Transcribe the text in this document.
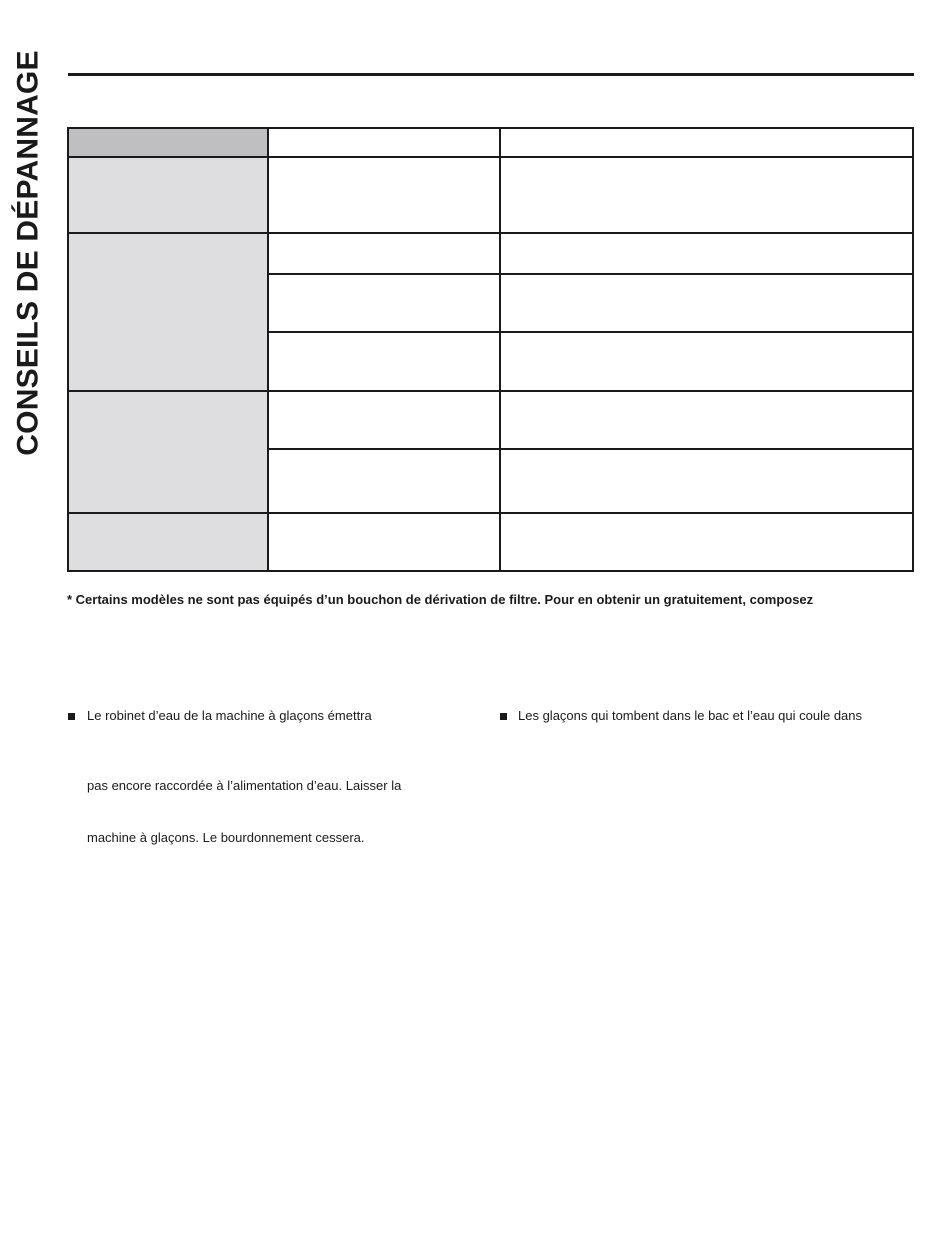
CONSEILS DE DÉPANNAGE

* Certains modèles ne sont pas équipés d’un bouchon de dérivation de filtre. Pour en obtenir un gratuitement, composez
Le robinet d’eau de la machine à glaçons émettra
pas encore raccordée à l’alimentation d’eau. Laisser la
machine à glaçons. Le bourdonnement cessera.
Les glaçons qui tombent dans le bac et l’eau qui coule dans
